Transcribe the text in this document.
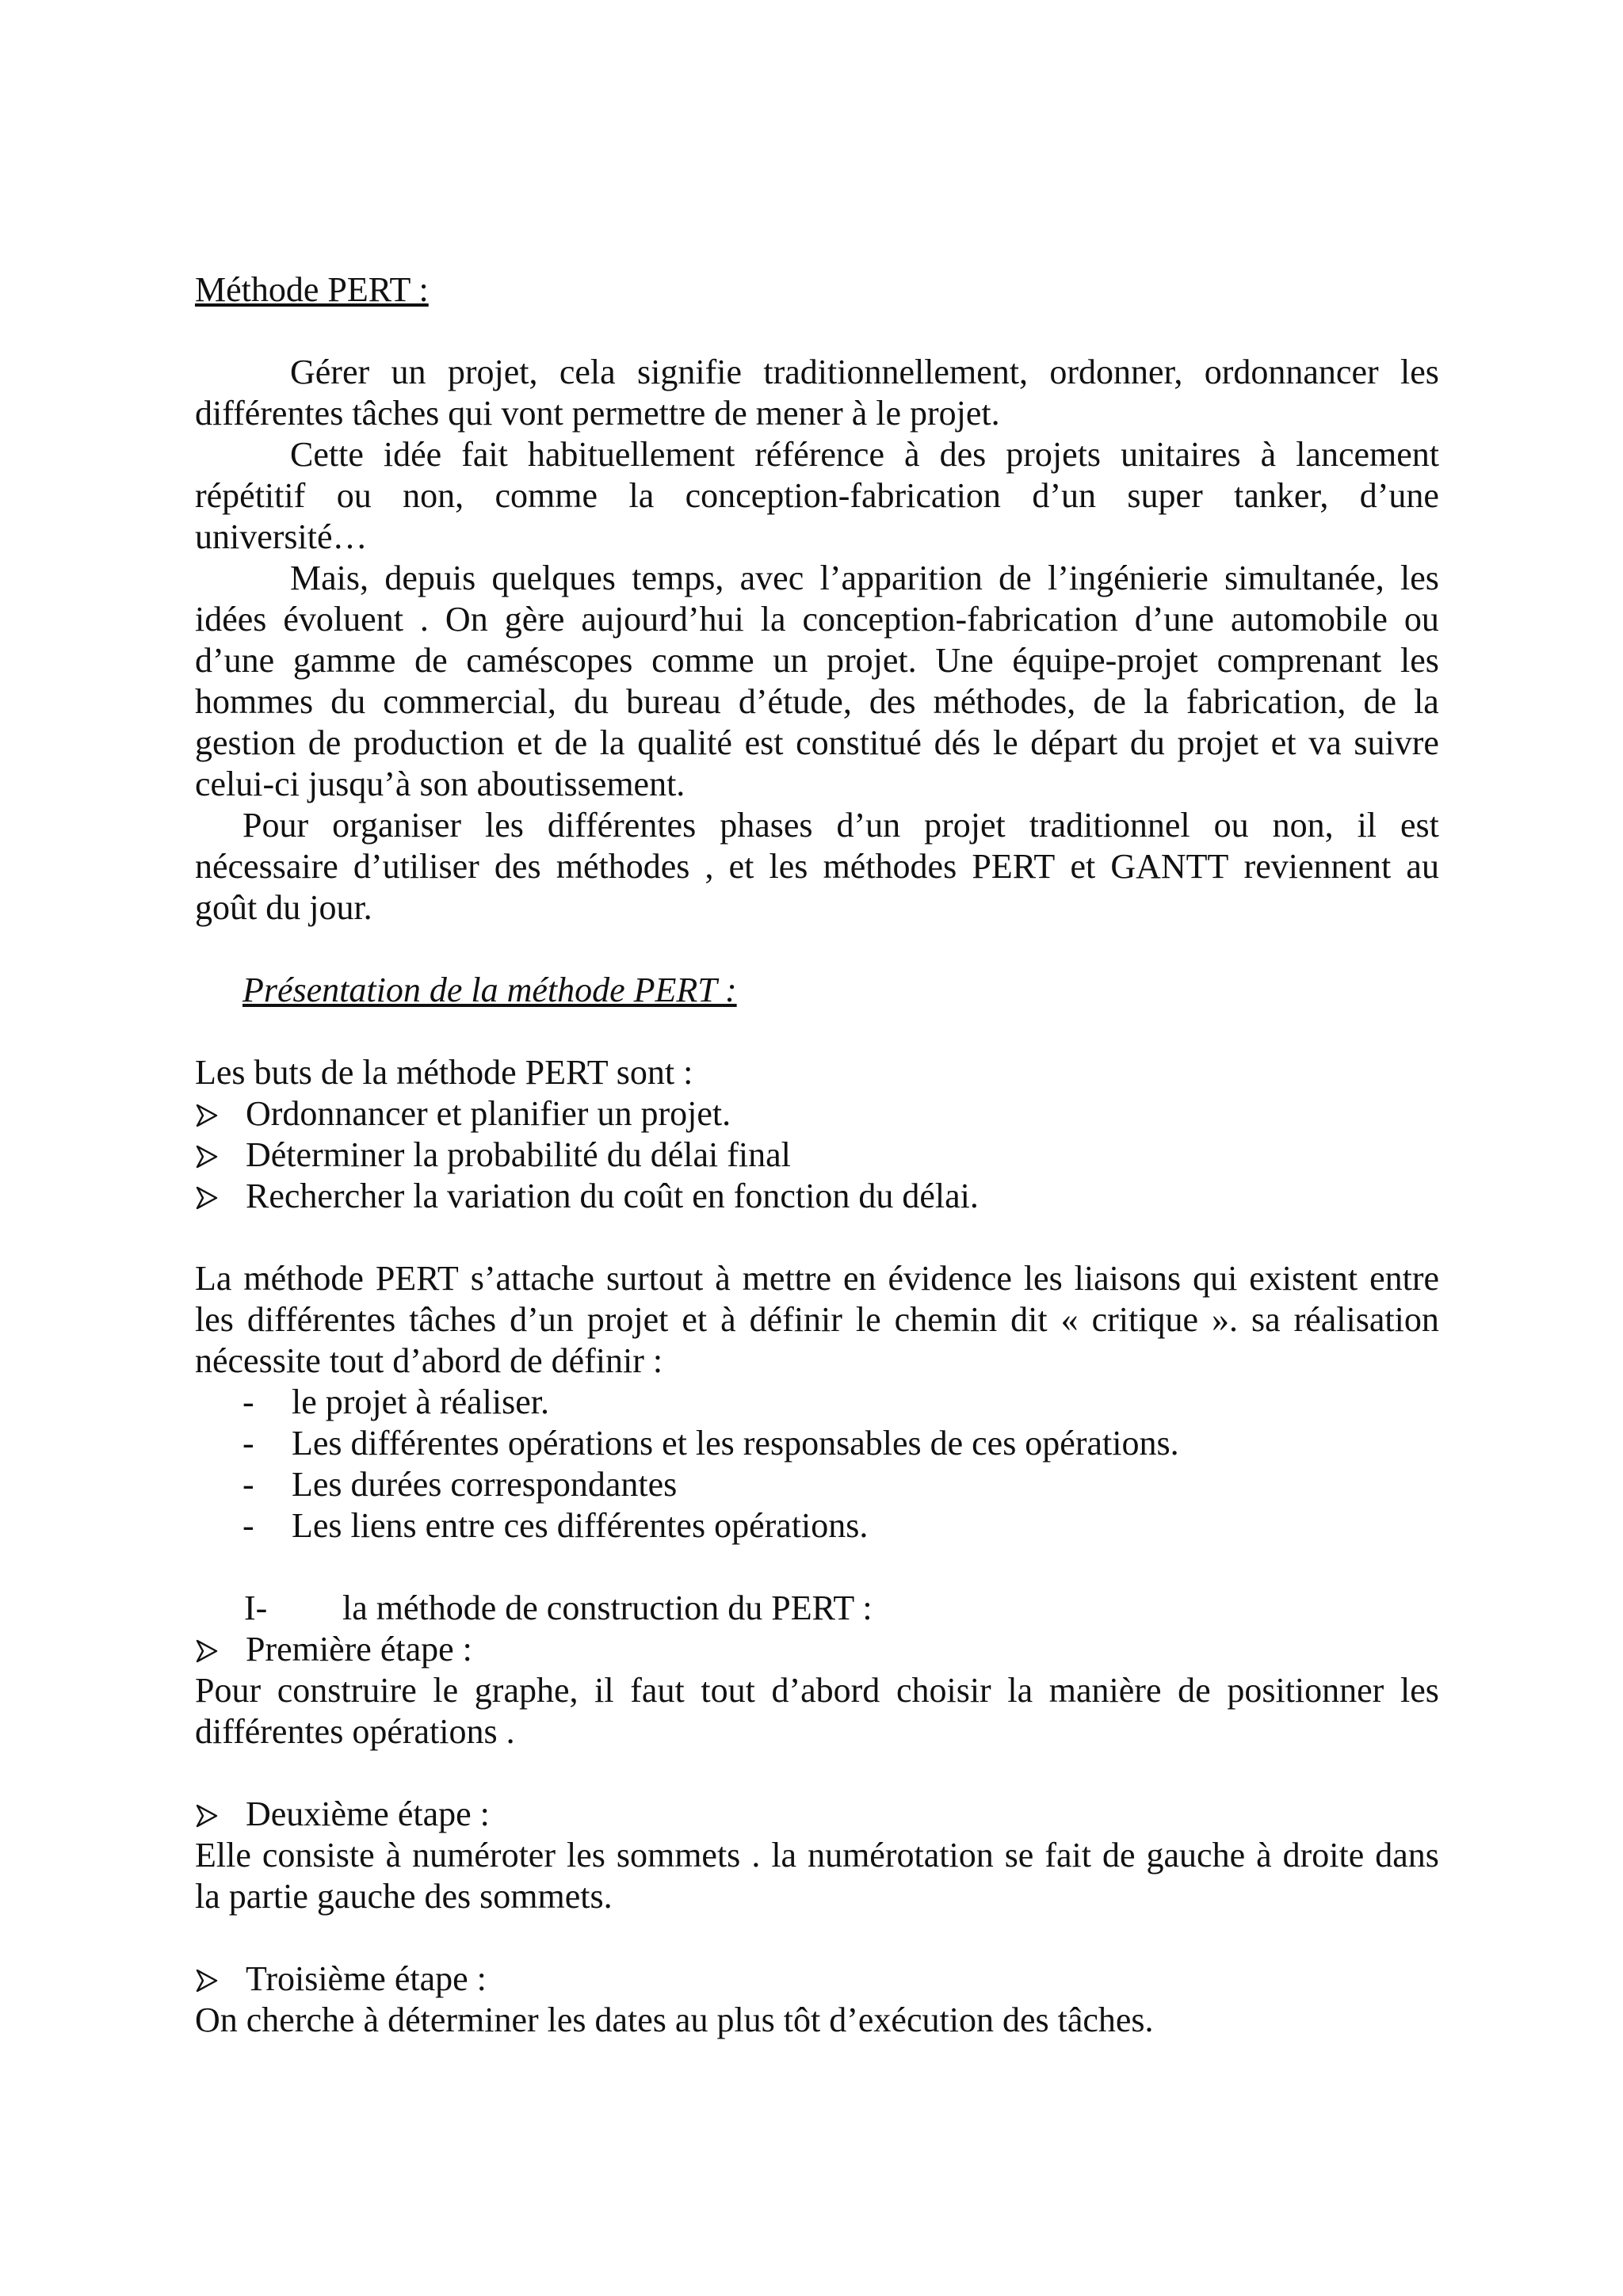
Méthode PERT :
Gérer un projet, cela signifie traditionnellement, ordonner, ordonnancer les
différentes tâches qui vont permettre de mener à le projet.
Cette idée fait habituellement référence à des projets unitaires à lancement
répétitif ou non, comme la conception-fabrication d’un super tanker, d’une
université…
Mais, depuis quelques temps, avec l’apparition de l’ingénierie simultanée, les
idées évoluent . On gère aujourd’hui la conception-fabrication d’une automobile ou
d’une gamme de caméscopes comme un projet. Une équipe-projet comprenant les
hommes du commercial, du bureau d’étude, des méthodes, de la fabrication, de la
gestion de production et de la qualité est constitué dés le départ du projet et va suivre
celui-ci jusqu’à son aboutissement.
Pour organiser les différentes phases d’un projet traditionnel ou non, il est
nécessaire d’utiliser des méthodes , et les méthodes PERT et GANTT reviennent au
goût du jour.
Présentation de la méthode PERT :
Les buts de la méthode PERT sont :
Ordonnancer et planifier un projet.
Déterminer la probabilité du délai final
Rechercher la variation du coût en fonction du délai.
La méthode PERT s’attache surtout à mettre en évidence les liaisons qui existent entre
les différentes tâches d’un projet et à définir le chemin dit « critique ». sa réalisation
nécessite tout d’abord de définir :
-	le projet à réaliser.
-	Les différentes opérations et les responsables de ces opérations.
-	Les durées correspondantes
-	Les liens entre ces différentes opérations.
I-	la méthode de construction du PERT :
Première étape :
Pour construire le graphe, il faut tout d’abord choisir la manière de positionner les
différentes opérations .
Deuxième étape :
Elle consiste à numéroter les sommets . la numérotation se fait de gauche à droite dans
la partie gauche des sommets.
Troisième étape :
On cherche à déterminer les dates au plus tôt d’exécution des tâches.
